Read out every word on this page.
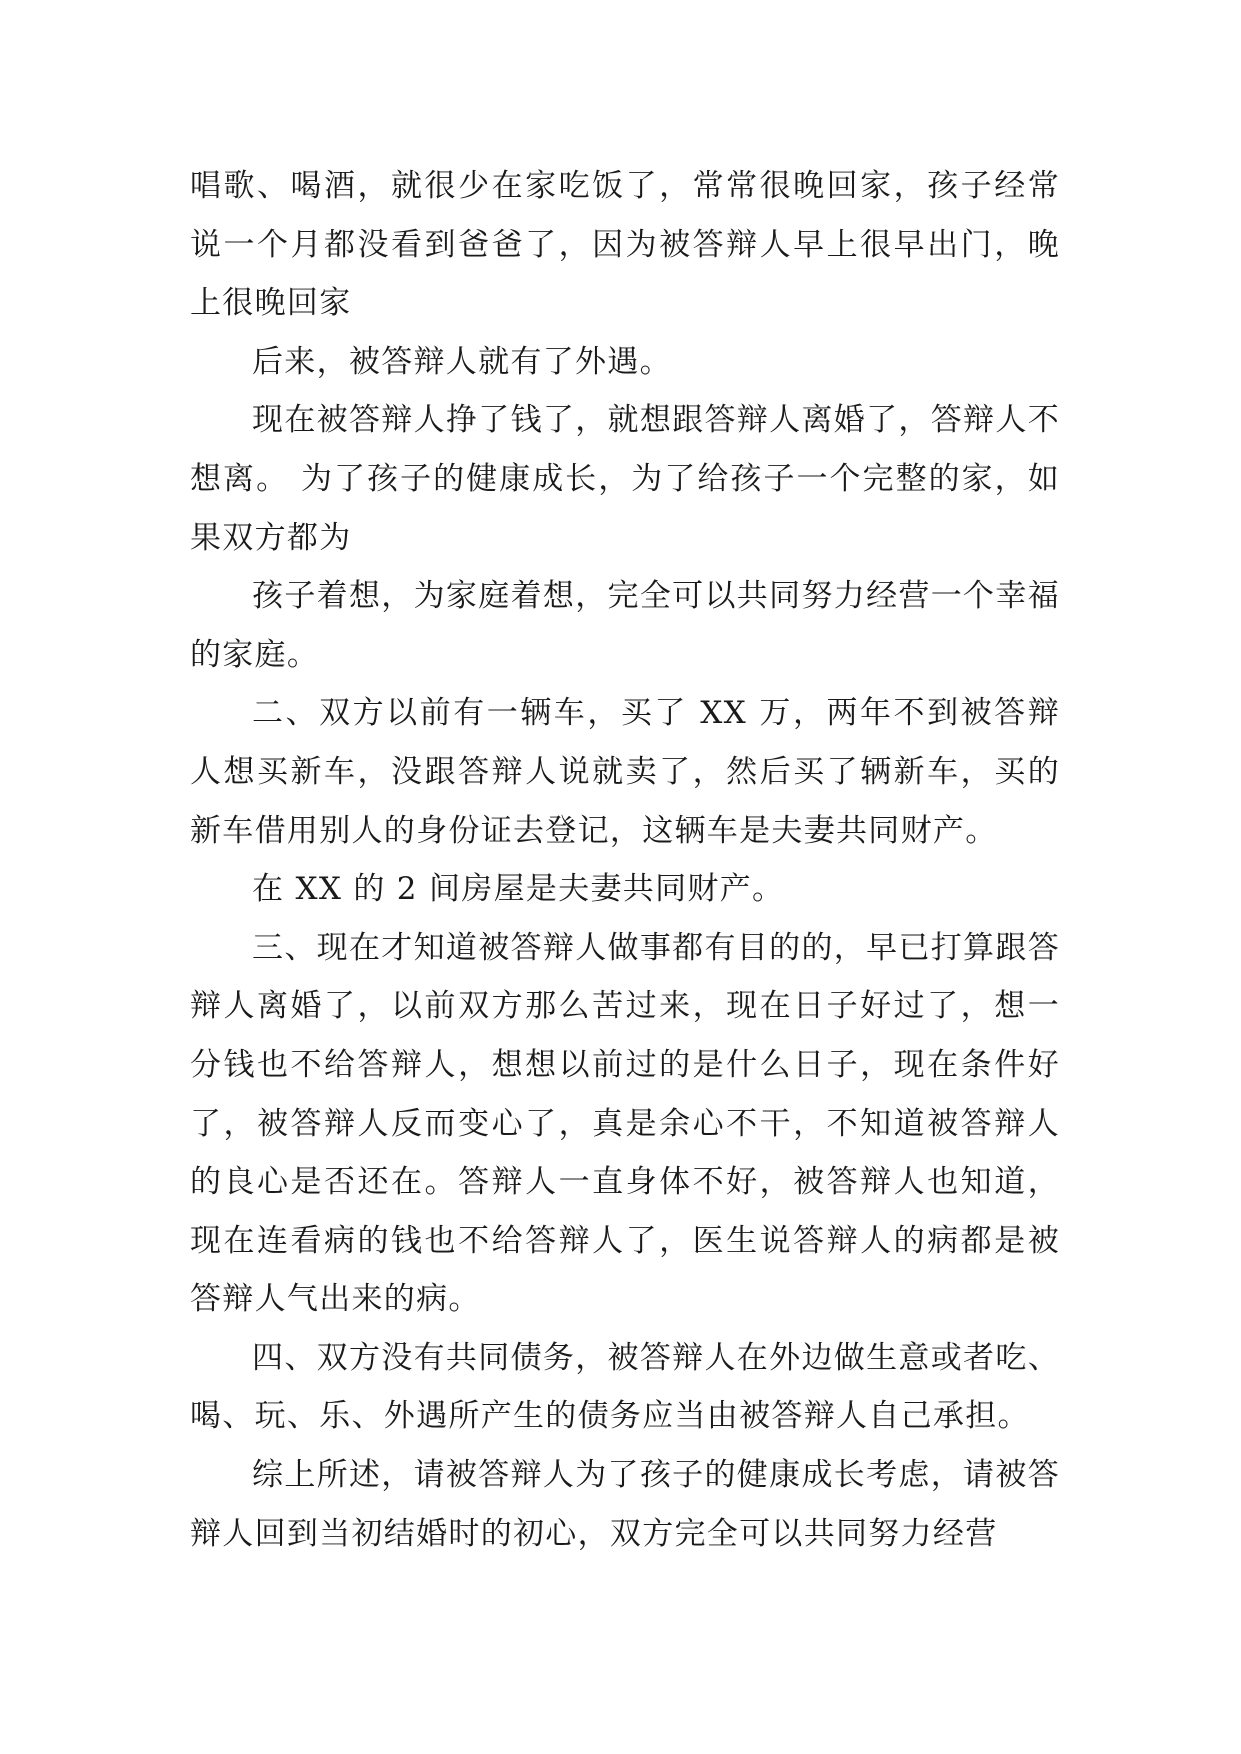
唱歌、喝酒，就很少在家吃饭了，常常很晚回家，孩子经常说一个月都没看到爸爸了，因为被答辩人早上很早出门，晚上很晚回家

后来，被答辩人就有了外遇。

现在被答辩人挣了钱了，就想跟答辩人离婚了，答辩人不想离。 为了孩子的健康成长，为了给孩子一个完整的家，如果双方都为

孩子着想，为家庭着想，完全可以共同努力经营一个幸福的家庭。

二、双方以前有一辆车，买了 XX 万，两年不到被答辩人想买新车，没跟答辩人说就卖了，然后买了辆新车，买的新车借用别人的身份证去登记，这辆车是夫妻共同财产。

在 XX 的 2 间房屋是夫妻共同财产。

三、现在才知道被答辩人做事都有目的的，早已打算跟答辩人离婚了，以前双方那么苦过来，现在日子好过了，想一分钱也不给答辩人，想想以前过的是什么日子，现在条件好了，被答辩人反而变心了，真是余心不干，不知道被答辩人的良心是否还在。答辩人一直身体不好，被答辩人也知道，现在连看病的钱也不给答辩人了，医生说答辩人的病都是被答辩人气出来的病。

四、双方没有共同债务，被答辩人在外边做生意或者吃、喝、玩、乐、外遇所产生的债务应当由被答辩人自己承担。

综上所述，请被答辩人为了孩子的健康成长考虑，请被答辩人回到当初结婚时的初心，双方完全可以共同努力经营
